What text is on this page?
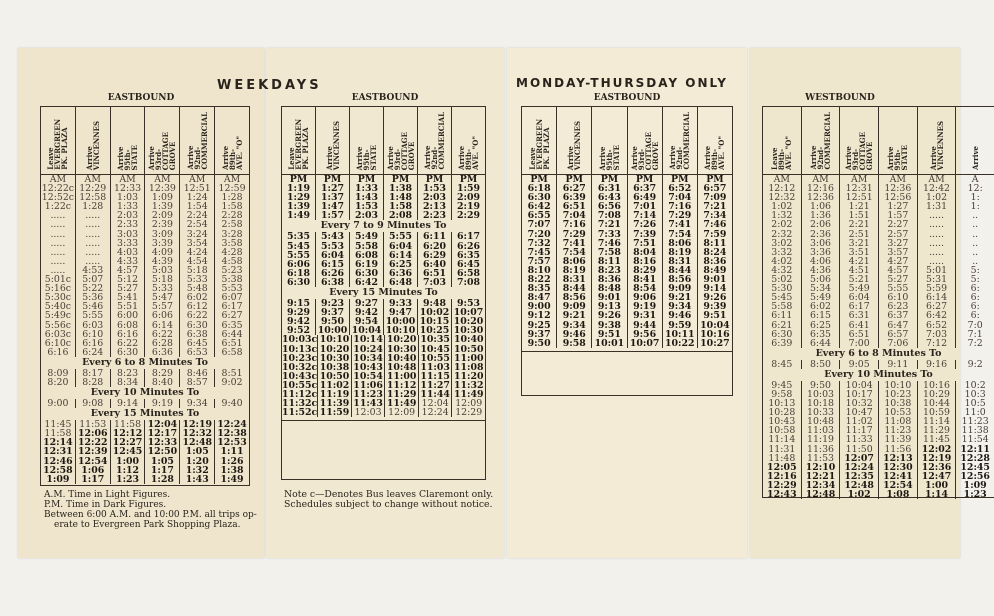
EASTBOUND
Leave
EVERGREEN
PK. PLAZA
Arrive
VINCENNES Arrive
95th-
STATE Arrive
93rd-
COTTAGE
GROVE Arrive
92nd-
COMMERCIAL Arrive
89th-
AVE. "O"
AM	AM	AM	AM	AM	AM
12:22c 12:29 12:33 12:39 12:51 12:59
12:52c 12:58	1:03	1:09	1:24	1:28
1:22c	1:28	1:33	1:39	1:54	1:58
.....	.....	2:03	2:09	2:24	2:28
.....	.....	2:33	2:39	2:54	2:58
.....	.....	3:03	3:09	3:24	3:28
.....	.....	3:33	3:39	3:54	3:58
.....	.....	4:03	4:09	4:24	4:28
.....	.....	4:33	4:39	4:54	4:58
.....	4:53	4:57	5:03	5:18	5:23
5:01c	5:07	5:12	5:18	5:33	5:38
5:16c	5:22	5:27	5:33	5:48	5:53
5:30c	5:36	5:41	5:47	6:02	6:07
5:40c	5:46	5:51	5:57	6:12	6:17
5:49c	5:55	6:00	6:06	6:22	6:27
5:56c	6:03	6:08	6:14	6:30	6:35
6:03c	6:10	6:16	6:22	6:38	6:44
6:10c	6:16	6:22	6:28	6:45	6:51
6:16	6:24	6:30	6:36	6:53	6:58
Every 6 to 8 Minutes To
8:09	8:17	8:23	8:29	8:46	8:51
8:20	8:28	8:34	8:40	8:57	9:02
Every 10 Minutes To
9:00	9:08	9:14	9:19	9:34	9:40
Every 15 Minutes To
11:45 11:53 11:58 12:04 12:19 12:24
11:58 12:06 12:12 12:17 12:32 12:38
12:14 12:22 12:27 12:33 12:48 12:53
12:31 12:39 12:45 12:50 1:05	1:11
12:46 12:54 1:00	1:05	1:20	1:26
12:58 1:06	1:12	1:17	1:32	1:38
1:09	1:17	1:23	1:28	1:43	1:49
A.M. Time in Light Figures.
P.M. Time in Dark Figures.
Between 6:00 A.M. and 10:00 P.M. all trips op-
erate to Evergreen Park Shopping Plaza.
EASTBOUND
Leave
EVERGREEN
PK. PLAZA
Arrive
VINCENNES Arrive
95th-
STATE Arrive
93rd-
COTTAGE
GROVE Arrive
92nd-
COMMERCIAL Arrive
89th-
AVE. "O"
PM	PM	PM	PM	PM	PM
1:19	1:27	1:33	1:38	1:53	1:59
1:29	1:37	1:43	1:48	2:03	2:09
1:39	1:47	1:53	1:58	2:13	2:19
1:49	1:57	2:03	2:08	2:23	2:29
Every 7 to 9 Minutes To
5:35	5:43	5:49	5:55	6:11	6:17
5:45	5:53	5:58	6:04	6:20	6:26
5:55	6:04	6:08	6:14	6:29	6:35
6:06	6:15	6:19	6:25	6:40	6:45
6:18	6:26	6:30	6:36	6:51	6:58
6:30	6:38	6:42	6:48	7:03	7:08
Every 15 Minutes To
9:15	9:23	9:27	9:33	9:48	9:53
9:29	9:37	9:42	9:47 10:02 10:07
9:42	9:50	9:54 10:00 10:15 10:20
9:52 10:00 10:04 10:10 10:25 10:30
10:03c 10:10 10:14 10:20 10:35 10:40
10:13c 10:20 10:24 10:30 10:45 10:50
10:23c 10:30 10:34 10:40 10:55 11:00
10:32c 10:38 10:43 10:48 11:03 11:08
10:43c 10:50 10:54 11:00 11:15 11:20
10:55c 11:02 11:06 11:12 11:27 11:32
11:12c 11:19 11:23 11:29 11:44 11:49
11:32c 11:39 11:43 11:49 12:04 12:09
11:52c 11:59 12:03 12:09 12:24 12:29
Note c—Denotes Bus leaves Claremont only.
Schedules subject to change without notice.
EASTBOUND
Leave
EVERGREEN
PK. PLAZA
Arrive
VINCENNES Arrive
95th-
STATE Arrive
93rd-
COTTAGE
GROVE Arrive
92nd-
COMMERCIAL Arrive
89th-
AVE. "O"
PM	PM	PM	PM	PM	PM
6:18	6:27	6:31	6:37	6:52	6:57
6:30	6:39	6:43	6:49	7:04	7:09
6:42	6:51	6:56	7:01	7:16	7:21
6:55	7:04	7:08	7:14	7:29	7:34
7:07	7:16	7:21	7:26	7:41	7:46
7:20	7:29	7:33	7:39	7:54	7:59
7:32	7:41	7:46	7:51	8:06	8:11
7:45	7:54	7:58	8:04	8:19	8:24
7:57	8:06	8:11	8:16	8:31	8:36
8:10	8:19	8:23	8:29	8:44	8:49
8:22	8:31	8:36	8:41	8:56	9:01
8:35	8:44	8:48	8:54	9:09	9:14
8:47	8:56	9:01	9:06	9:21	9:26
9:00	9:09	9:13	9:19	9:34	9:39
9:12	9:21	9:26	9:31	9:46	9:51
9:25	9:34	9:38	9:44	9:59 10:04
9:37	9:46	9:51	9:56 10:11 10:16
9:50	9:58 10:01 10:07 10:22 10:27
WESTBOUND
Leave
89th-
AVE. "O"
Arrive
92nd-
COMMERCIAL Arrive
93rd-
COTTAGE
GROVE Arrive
95th-
STATE	Arrive
VINCENNES	Arrive
AM	AM	AM	AM	AM	A
12:12	12:16	12:31	12:36	12:42	12:
12:32	12:36	12:51	12:56	1:02	1:
1:02	1:06	1:21	1:27	1:31	1:
1:32	1:36	1:51	1:57	.....	..
2:02	2:06	2:21	2:27	.....	..
2:32	2:36	2:51	2:57	.....	..
3:02	3:06	3:21	3:27	.....	..
3:32	3:36	3:51	3:57	.....	..
4:02	4:06	4:21	4:27	.....	..
4:32	4:36	4:51	4:57	5:01	5:
5:02	5:06	5:21	5:27	5:31	5:
5:30	5:34	5:49	5:55	5:59	6:
5:45	5:49	6:04	6:10	6:14	6:
5:58	6:02	6:17	6:23	6:27	6:
6:11	6:15	6:31	6:37	6:42	6:
6:21	6:25	6:41	6:47	6:52	7:0
6:30	6:35	6:51	6:57	7:03	7:1
6:39	6:44	7:00	7:06	7:12	7:2
Every 6 to 8 Minutes To
8:45	8:50	9:05	9:11	9:16	9:2
Every 10 Minutes To
9:45	9:50	10:04	10:10	10:16	10:2
9:58	10:03	10:17	10:23	10:29	10:3
10:13	10:18	10:32	10:38	10:44	10:5
10:28	10:33	10:47	10:53	10:59	11:0
10:43	10:48	11:02	11:08	11:14	11:23
10:58	11:03	11:17	11:23	11:29	11:38
11:14	11:19	11:33	11:39	11:45	11:54
11:31	11:36	11:50	11:56	12:02 12:11
11:48	11:53	12:07 12:13 12:19 12:28
12:05 12:10 12:24 12:30 12:36 12:45
12:16 12:21 12:35 12:41 12:47 12:56
12:29 12:34 12:48 12:54	1:00	1:09
12:43 12:48	1:02	1:08	1:14	1:23
WEEKDAYS	MONDAY-THURSDAY ONLY
